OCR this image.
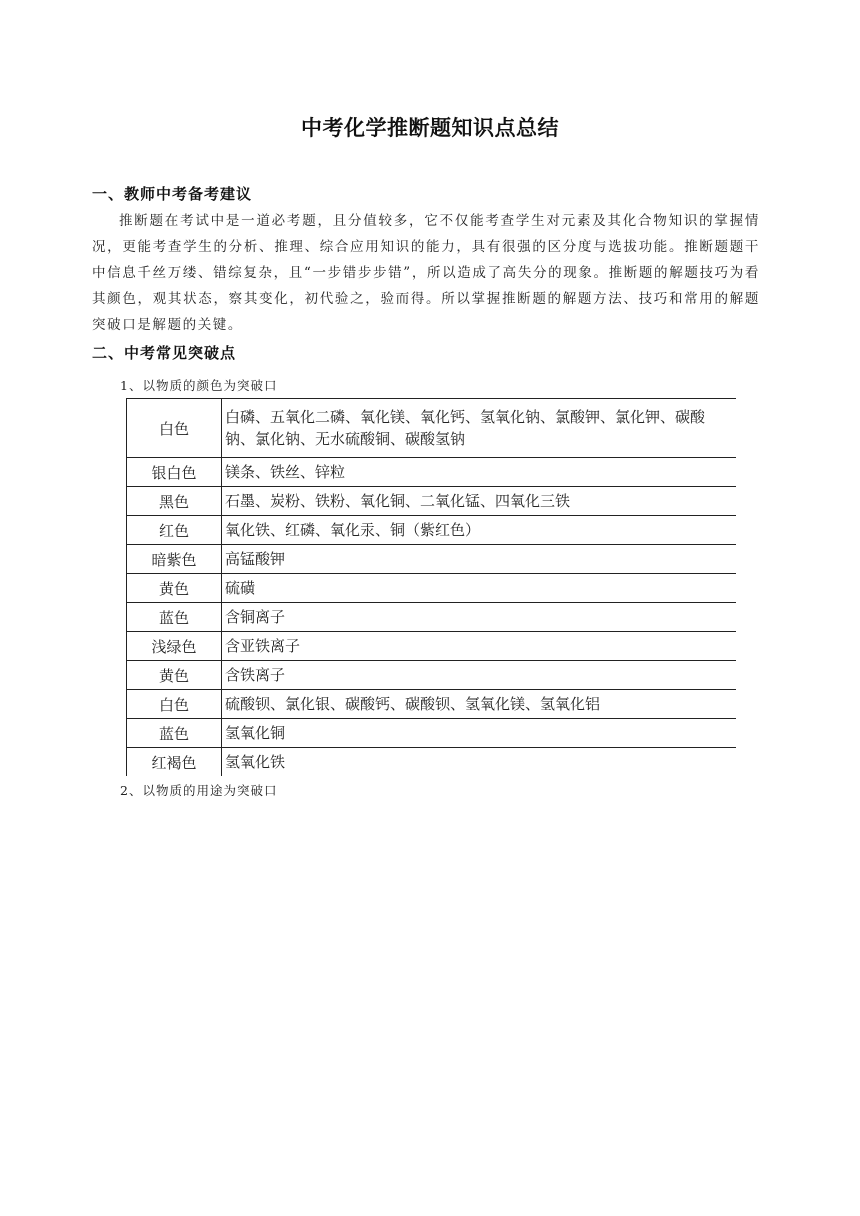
中考化学推断题知识点总结
一、教师中考备考建议

推断题在考试中是一道必考题，且分值较多，它不仅能考查学生对元素及其化合物知识的掌握情况，更能考查学生的分析、推理、综合应用知识的能力，具有很强的区分度与选拔功能。推断题题干中信息千丝万缕、错综复杂，且“一步错步步错”，所以造成了高失分的现象。推断题的解题技巧为看其颜色，观其状态，察其变化，初代验之，验而得。所以掌握推断题的解题方法、技巧和常用的解题突破口是解题的关键。

二、中考常见突破点
1、以物质的颜色为突破口
白色	白磷、五氧化二磷、氧化镁、氧化钙、氢氧化钠、氯酸钾、氯化钾、碳酸钠、氯化钠、无水硫酸铜、碳酸氢钠
银白色	镁条、铁丝、锌粒
黑色	石墨、炭粉、铁粉、氧化铜、二氧化锰、四氧化三铁
红色	氧化铁、红磷、氧化汞、铜（紫红色）
暗紫色	高锰酸钾
黄色	硫磺
蓝色	含铜离子
浅绿色	含亚铁离子
黄色	含铁离子
白色	硫酸钡、氯化银、碳酸钙、碳酸钡、氢氧化镁、氢氧化铝
蓝色	氢氧化铜
红褐色	氢氧化铁
2、以物质的用途为突破口
